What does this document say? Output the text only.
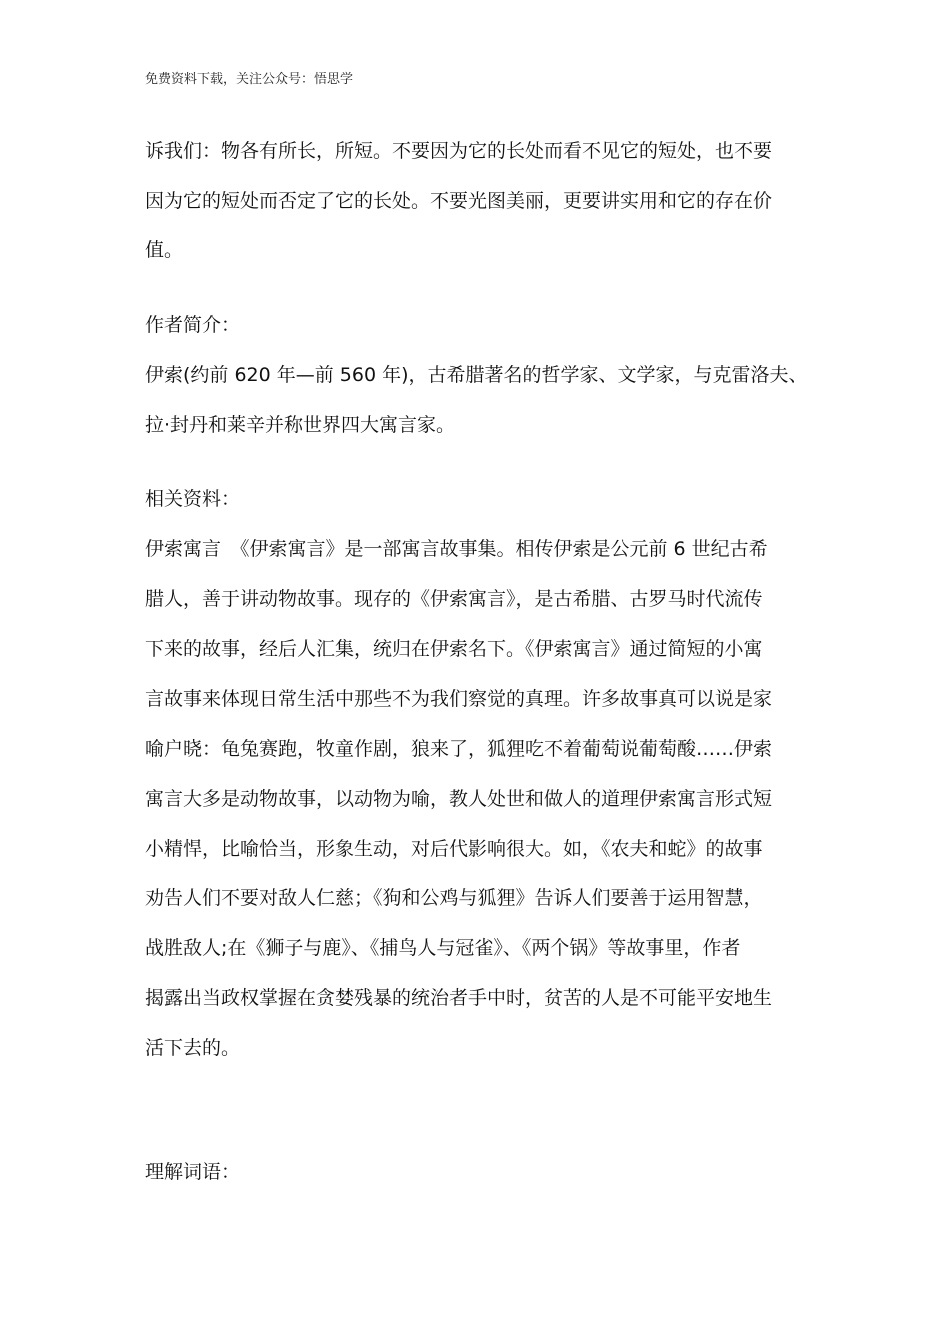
免费资料下载，关注公众号：悟思学
诉我们：物各有所长，所短。不要因为它的长处而看不见它的短处，也不要
因为它的短处而否定了它的长处。不要光图美丽，更要讲实用和它的存在价
值。
作者简介：
伊索(约前 620 年—前 560 年)，古希腊著名的哲学家、文学家，与克雷洛夫、
拉·封丹和莱辛并称世界四大寓言家。
相关资料：
伊索寓言　《伊索寓言》是一部寓言故事集。相传伊索是公元前 6 世纪古希
腊人，善于讲动物故事。现存的《伊索寓言》，是古希腊、古罗马时代流传
下来的故事，经后人汇集，统归在伊索名下。《伊索寓言》通过简短的小寓
言故事来体现日常生活中那些不为我们察觉的真理。许多故事真可以说是家
喻户晓：龟兔赛跑，牧童作剧，狼来了，狐狸吃不着葡萄说葡萄酸……伊索
寓言大多是动物故事，以动物为喻，教人处世和做人的道理伊索寓言形式短
小精悍，比喻恰当，形象生动，对后代影响很大。如，《农夫和蛇》的故事
劝告人们不要对敌人仁慈；《狗和公鸡与狐狸》告诉人们要善于运用智慧，
战胜敌人;在《狮子与鹿》、《捕鸟人与冠雀》、《两个锅》等故事里，作者
揭露出当政权掌握在贪婪残暴的统治者手中时，贫苦的人是不可能平安地生
活下去的。
理解词语：
